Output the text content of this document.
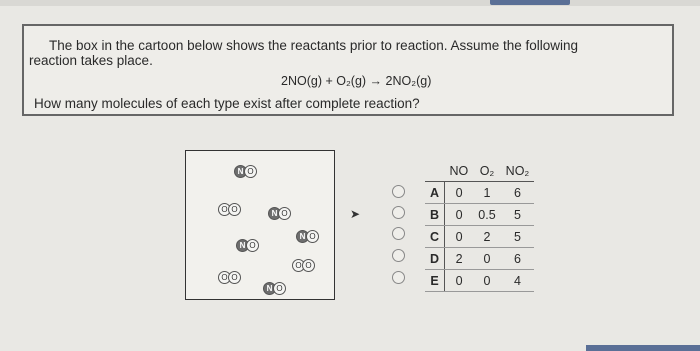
The box in the cartoon below shows the reactants prior to reaction. Assume the following
reaction takes place.
2NO(g) + O₂(g) → 2NO₂(g)
How many molecules of each type exist after complete reaction?
N O
O O	N O
N O
N O
O O
O O
N O
➤
	NO	O₂	NO₂
A	0	1	6
B	0	0.5	5
C	0	2	5
D	2	0	6
E	0	0	4
